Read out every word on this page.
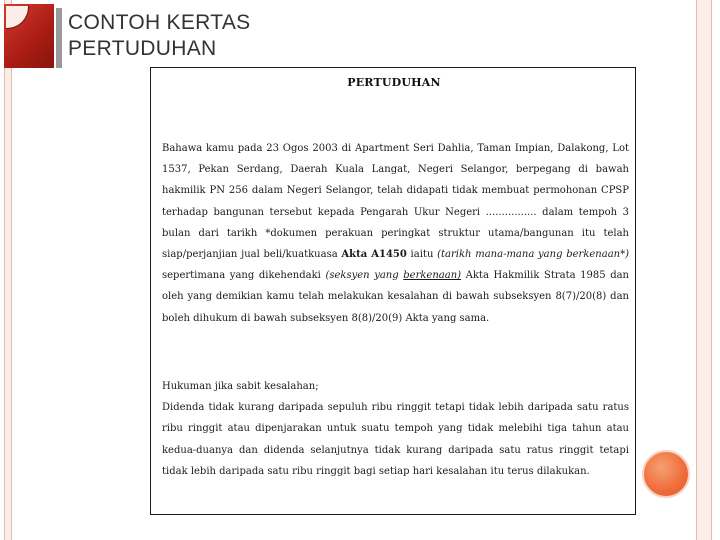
CONTOH KERTAS
PERTUDUHAN
PERTUDUHAN

Bahawa kamu pada 23 Ogos 2003 di Apartment Seri Dahlia, Taman Impian, Dalakong, Lot 1537, Pekan Serdang, Daerah Kuala Langat, Negeri Selangor, berpegang di bawah hakmilik PN 256 dalam Negeri Selangor, telah didapati tidak membuat permohonan CPSP terhadap bangunan tersebut kepada Pengarah Ukur Negeri ................ dalam tempoh 3 bulan dari tarikh *dokumen perakuan peringkat struktur utama/bangunan itu telah siap/perjanjian jual beli/kuatkuasa Akta A1450 iaitu (tarikh mana-mana yang berkenaan*) sepertimana yang dikehendaki (seksyen yang berkenaan) Akta Hakmilik Strata 1985 dan oleh yang demikian kamu telah melakukan kesalahan di bawah subseksyen 8(7)/20(8) dan boleh dihukum di bawah subseksyen 8(8)/20(9) Akta yang sama.

Hukuman jika sabit kesalahan;
Didenda tidak kurang daripada sepuluh ribu ringgit tetapi tidak lebih daripada satu ratus ribu ringgit atau dipenjarakan untuk suatu tempoh yang tidak melebihi tiga tahun atau kedua-duanya dan didenda selanjutnya tidak kurang daripada satu ratus ringgit tetapi tidak lebih daripada satu ribu ringgit bagi setiap hari kesalahan itu terus dilakukan.
